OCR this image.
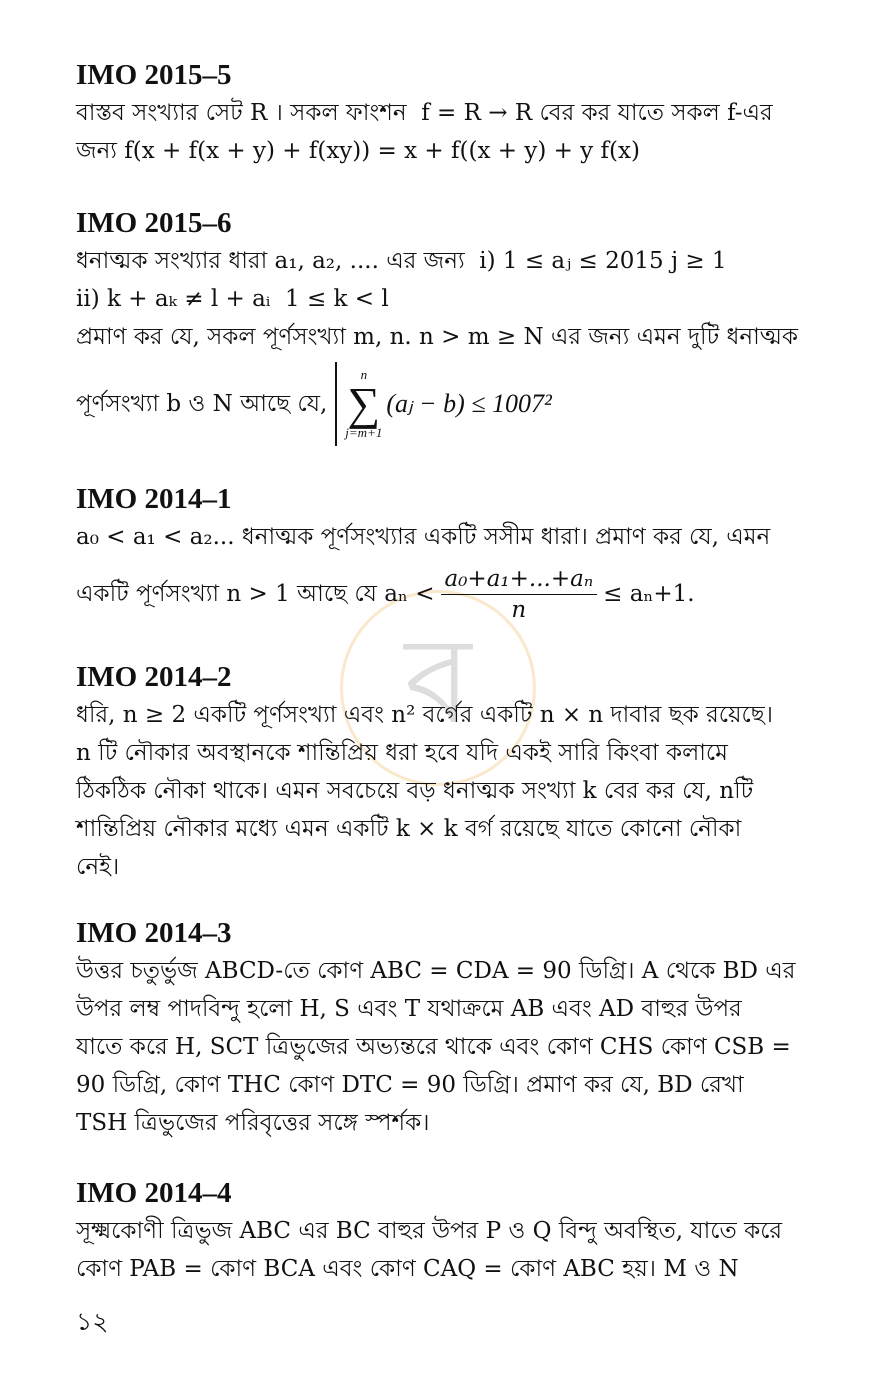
ব
IMO 2015–5
বাস্তব সংখ্যার সেট R । সকল ফাংশন  f = R → R বের কর যাতে সকল f-এর
জন্য f(x + f(x + y) + f(xy)) = x + f((x + y) + y f(x)
IMO 2015–6
ধনাত্মক সংখ্যার ধারা a₁, a₂, .... এর জন্য  i) 1 ≤ aⱼ ≤ 2015 j ≥ 1
ii) k + aₖ ≠ l + aᵢ  1 ≤ k < l
প্রমাণ কর যে, সকল পূর্ণসংখ্যা m, n. n > m ≥ N এর জন্য এমন দুটি ধনাত্মক
পূর্ণসংখ্যা b ও N আছে যে,
n
∑
j=m+1
(aⱼ − b) ≤ 1007²
IMO 2014–1
a₀ < a₁ < a₂... ধনাত্মক পূর্ণসংখ্যার একটি সসীম ধারা। প্রমাণ কর যে, এমন
একটি পূর্ণসংখ্যা n > 1 আছে যে $a_n < \frac{\text{a₀+a₁+...+aₙ}}{n} \le a_n+1$.
IMO 2014–2
ধরি, n ≥ 2 একটি পূর্ণসংখ্যা এবং n² বর্গের একটি n × n দাবার ছক রয়েছে।
n টি নৌকার অবস্থানকে শান্তিপ্রিয় ধরা হবে যদি একই সারি কিংবা কলামে
ঠিকঠিক নৌকা থাকে। এমন সবচেয়ে বড় ধনাত্মক সংখ্যা k বের কর যে, nটি
শান্তিপ্রিয় নৌকার মধ্যে এমন একটি k × k বর্গ রয়েছে যাতে কোনো নৌকা
নেই।
IMO 2014–3
উত্তর চতুর্ভুজ ABCD-তে কোণ ABC = CDA = 90 ডিগ্রি। A থেকে BD এর
উপর লম্ব পাদবিন্দু হলো H, S এবং T যথাক্রমে AB এবং AD বাহুর উপর
যাতে করে H, SCT ত্রিভুজের অভ্যন্তরে থাকে এবং কোণ CHS কোণ CSB =
90 ডিগ্রি, কোণ THC কোণ DTC = 90 ডিগ্রি। প্রমাণ কর যে, BD রেখা
TSH ত্রিভুজের পরিবৃত্তের সঙ্গে স্পর্শক।
IMO 2014–4
সূক্ষ্মকোণী ত্রিভুজ ABC এর BC বাহুর উপর P ও Q বিন্দু অবস্থিত, যাতে করে
কোণ PAB = কোণ BCA এবং কোণ CAQ = কোণ ABC হয়। M ও N
১২
